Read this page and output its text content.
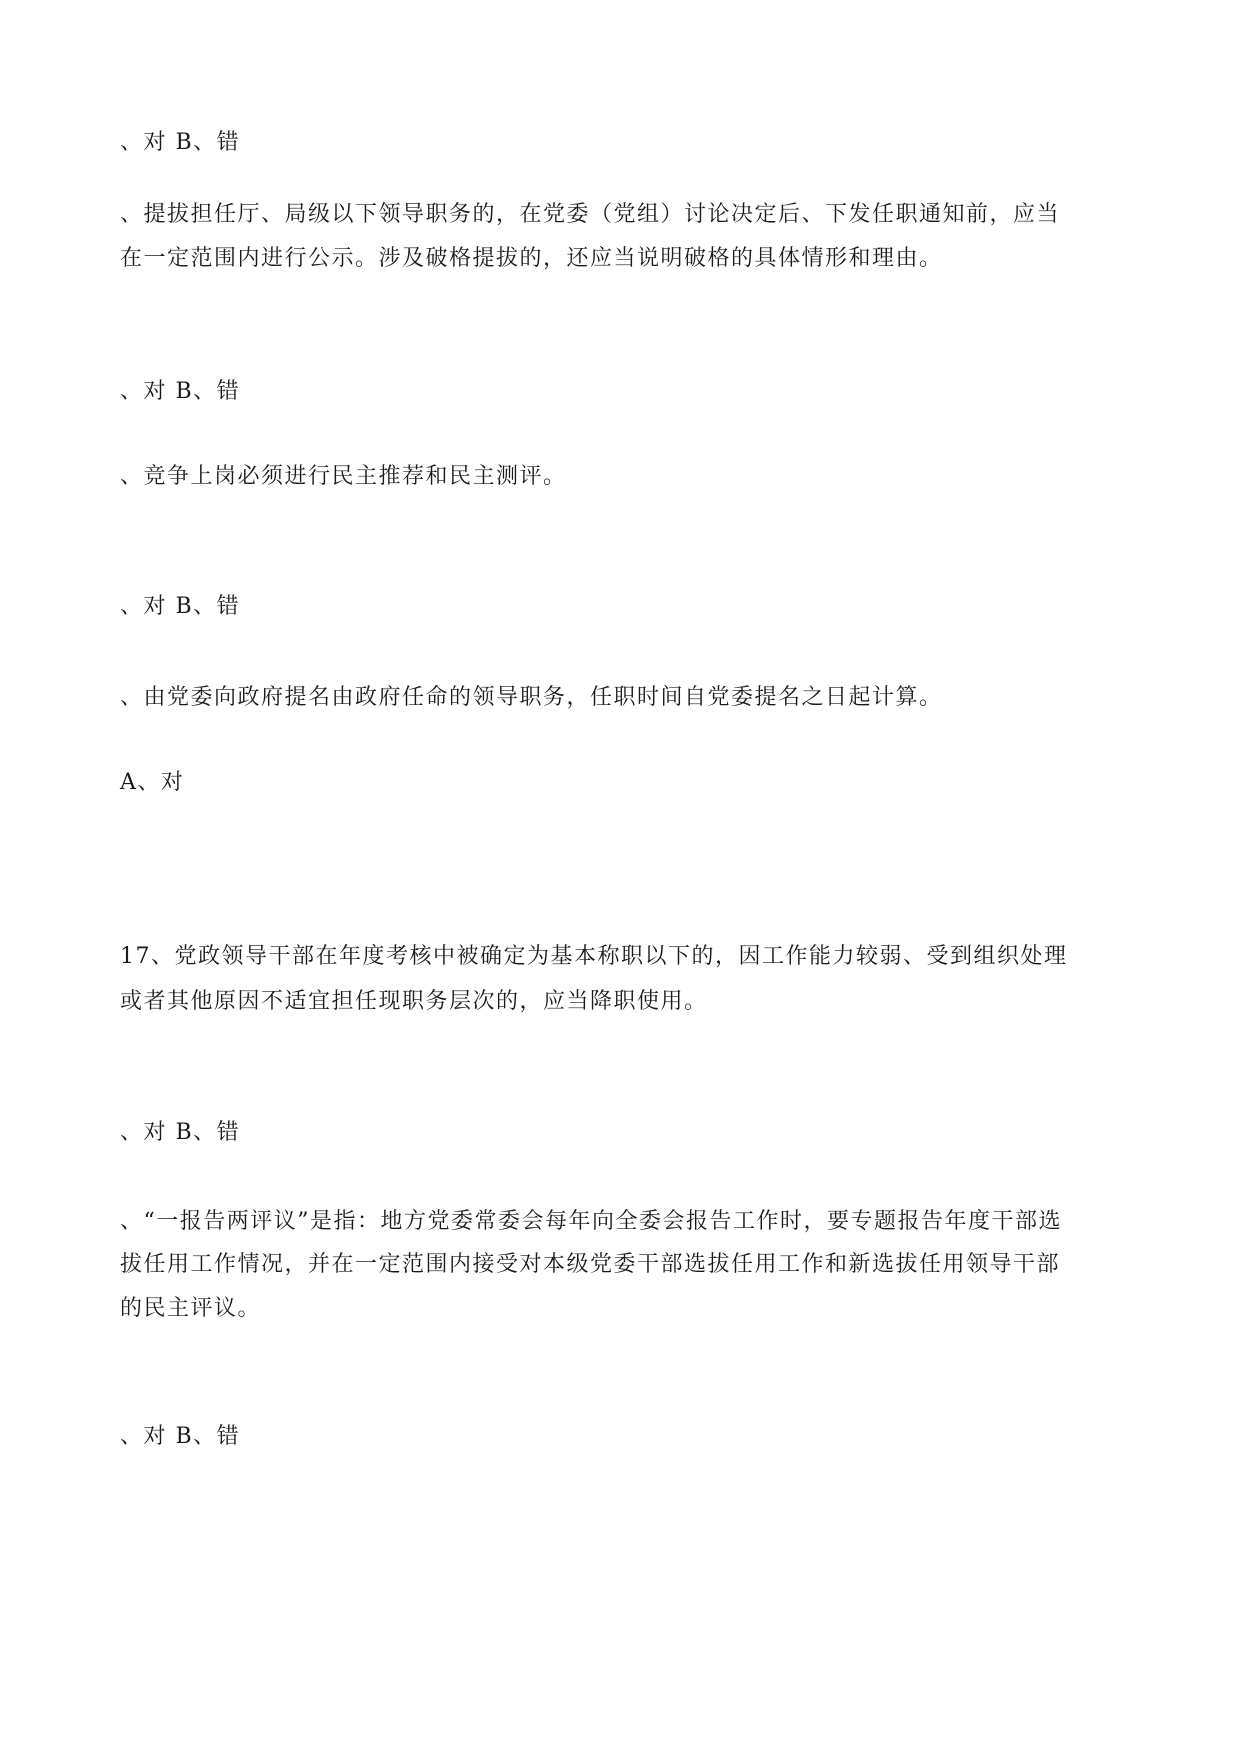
、对 B、错
、提拔担任厅、局级以下领导职务的，在党委（党组）讨论决定后、下发任职通知前，应当
在一定范围内进行公示。涉及破格提拔的，还应当说明破格的具体情形和理由。
、对 B、错
、竞争上岗必须进行民主推荐和民主测评。
、对 B、错
、由党委向政府提名由政府任命的领导职务，任职时间自党委提名之日起计算。
A、对
17、党政领导干部在年度考核中被确定为基本称职以下的，因工作能力较弱、受到组织处理
或者其他原因不适宜担任现职务层次的，应当降职使用。
、对 B、错
、“一报告两评议”是指：地方党委常委会每年向全委会报告工作时，要专题报告年度干部选
拔任用工作情况，并在一定范围内接受对本级党委干部选拔任用工作和新选拔任用领导干部
的民主评议。
、对 B、错
